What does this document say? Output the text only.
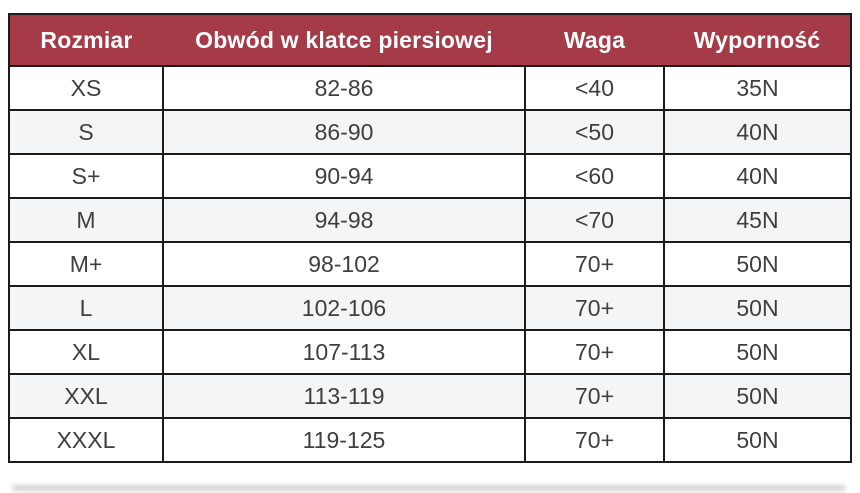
Rozmiar	Obwód w klatce piersiowej	Waga	Wyporność
XS	82-86	<40	35N
S	86-90	<50	40N
S+	90-94	<60	40N
M	94-98	<70	45N
M+	98-102	70+	50N
L	102-106	70+	50N
XL	107-113	70+	50N
XXL	113-119	70+	50N
XXXL	119-125	70+	50N
